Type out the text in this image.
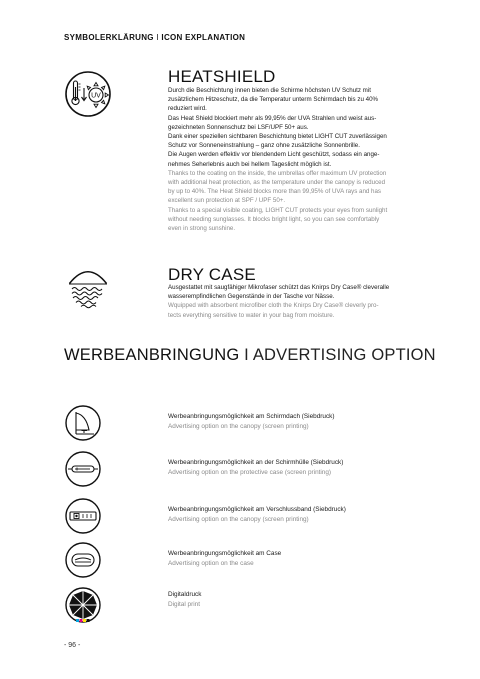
SYMBOLERKLÄRUNG I ICON EXPLANATION
UV
HEATSHIELD
Durch die Beschichtung innen bieten die Schirme höchsten UV Schutz mit
zusätzlichem Hitzeschutz, da die Temperatur unterm Schirmdach bis zu 40%
reduziert wird.
Das Heat Shield blockiert mehr als 99,95% der UVA Strahlen und weist aus-
gezeichneten Sonnenschutz bei LSF/UPF 50+ aus.
Dank einer speziellen sichtbaren Beschichtung bietet LIGHT CUT zuverlässigen
Schutz vor Sonneneinstrahlung – ganz ohne zusätzliche Sonnenbrille.
Die Augen werden effektiv vor blendendem Licht geschützt, sodass ein ange-
nehmes Seherlebnis auch bei hellem Tageslicht möglich ist.
Thanks to the coating on the inside, the umbrellas offer maximum UV protection
with additional heat protection, as the temperature under the canopy is reduced
by up to 40%. The Heat Shield blocks more than 99,95% of UVA rays and has
excellent sun protection at SPF / UPF 50+.
Thanks to a special visible coating, LIGHT CUT protects your eyes from sunlight
without needing sunglasses. It blocks bright light, so you can see comfortably
even in strong sunshine.
DRY CASE
Ausgestattet mit saugfähiger Mikrofaser schützt das Knirps Dry Case® cleveralle
wasserempfindlichen Gegenstände in der Tasche vor Nässe.
Wquipped with absorbent microfiber cloth the Knirps Dry Case® cleverly pro-
tects everything sensitive to water in your bag from moisture.
WERBEANBRINGUNG I ADVERTISING OPTION
Werbeanbringungsmöglichkeit am Schirmdach (Siebdruck)
Advertising option on the canopy (screen printing)
Werbeanbringungsmöglichkeit an der Schirmhülle (Siebdruck)
Advertising option on the protective case (screen printing)
Werbeanbringungsmöglichkeit am Verschlussband (Siebdruck)
Advertising option on the canopy (screen printing)
Werbeanbringungsmöglichkeit am Case
Advertising option on the case
Digitaldruck
Digital print
- 96 -
